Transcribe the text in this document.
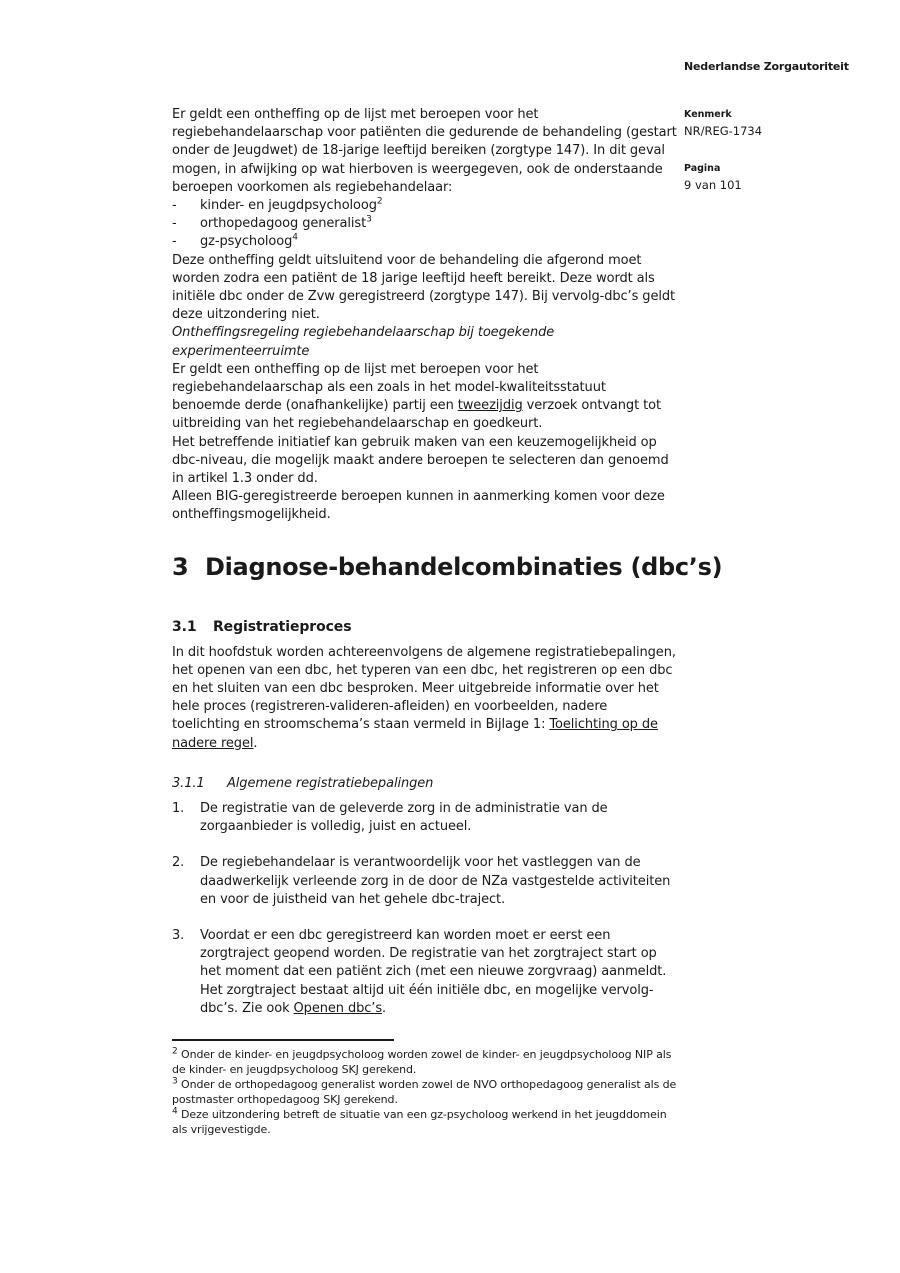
Nederlandse Zorgautoriteit
Kenmerk
NR/REG-1734
Pagina
9 van 101

Er geldt een ontheffing op de lijst met beroepen voor het regiebehandelaarschap voor patiënten die gedurende de behandeling (gestart onder de Jeugdwet) de 18-jarige leeftijd bereiken (zorgtype 147). In dit geval mogen, in afwijking op wat hierboven is weergegeven, ook de onderstaande beroepen voorkomen als regiebehandelaar:

-	kinder- en jeugdpsycholoog$^2$
-	orthopedagoog generalist$^3$
-	gz-psycholoog$^4$

Deze ontheffing geldt uitsluitend voor de behandeling die afgerond moet worden zodra een patiënt de 18 jarige leeftijd heeft bereikt. Deze wordt als initiële dbc onder de Zvw geregistreerd (zorgtype 147). Bij vervolg-dbc’s geldt deze uitzondering niet.

Ontheffingsregeling regiebehandelaarschap bij toegekende experimenteerruimte

Er geldt een ontheffing op de lijst met beroepen voor het regiebehandelaarschap als een zoals in het model-kwaliteitsstatuut benoemde derde (onafhankelijke) partij een tweezijdig verzoek ontvangt tot uitbreiding van het regiebehandelaarschap en goedkeurt.

Het betreffende initiatief kan gebruik maken van een keuzemogelijkheid op dbc-niveau, die mogelijk maakt andere beroepen te selecteren dan genoemd in artikel 1.3 onder dd.

Alleen BIG-geregistreerde beroepen kunnen in aanmerking komen voor deze ontheffingsmogelijkheid.

3 Diagnose-behandelcombinaties (dbc’s)
3.1 Registratieproces

In dit hoofdstuk worden achtereenvolgens de algemene registratiebepalingen, het openen van een dbc, het typeren van een dbc, het registreren op een dbc en het sluiten van een dbc besproken. Meer uitgebreide informatie over het hele proces (registreren-valideren-afleiden) en voorbeelden, nadere toelichting en stroomschema’s staan vermeld in Bijlage 1: Toelichting op de nadere regel.

3.1.1 Algemene registratiebepalingen
1.	De registratie van de geleverde zorg in de administratie van de zorgaanbieder is volledig, juist en actueel.
2.	De regiebehandelaar is verantwoordelijk voor het vastleggen van de daadwerkelijk verleende zorg in de door de NZa vastgestelde activiteiten en voor de juistheid van het gehele dbc-traject.
3.	Voordat er een dbc geregistreerd kan worden moet er eerst een zorgtraject geopend worden. De registratie van het zorgtraject start op het moment dat een patiënt zich (met een nieuwe zorgvraag) aanmeldt. Het zorgtraject bestaat altijd uit één initiële dbc, en mogelijke vervolg-dbc’s. Zie ook Openen dbc’s.
$^2$ Onder de kinder- en jeugdpsycholoog worden zowel de kinder- en jeugdpsycholoog NIP als de kinder- en jeugdpsycholoog SKJ gerekend.
$^3$ Onder de orthopedagoog generalist worden zowel de NVO orthopedagoog generalist als de postmaster orthopedagoog SKJ gerekend.
$^4$ Deze uitzondering betreft de situatie van een gz-psycholoog werkend in het jeugddomein als vrijgevestigde.
